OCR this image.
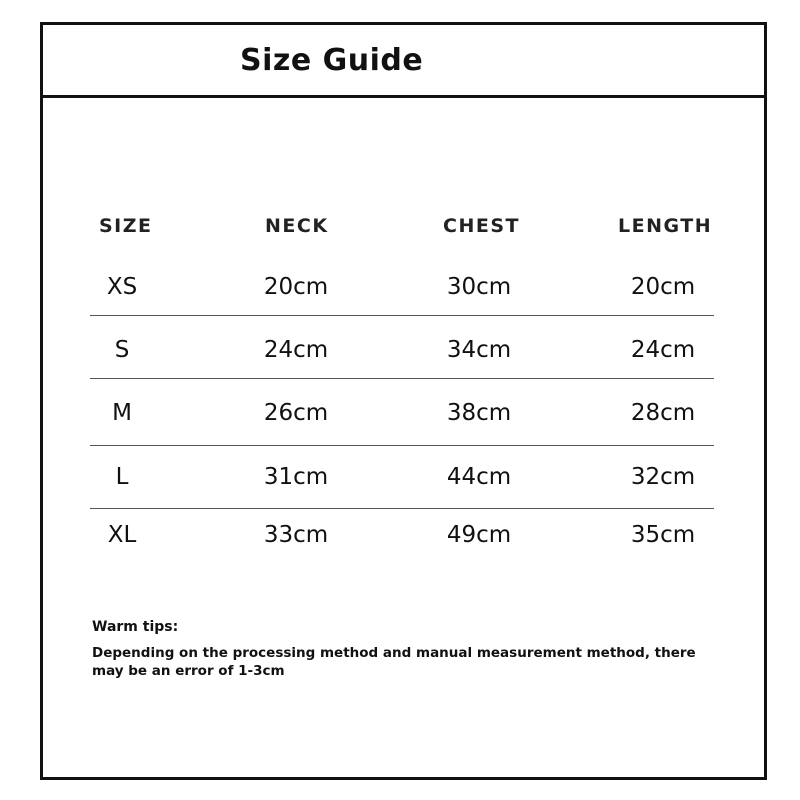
Size Guide
SIZE	NECK	CHEST	LENGTH
XS	20cm	30cm	20cm
S	24cm	34cm	24cm
M	26cm	38cm	28cm
L	31cm	44cm	32cm
XL	33cm	49cm	35cm
Warm tips:
Depending on the processing method and manual measurement method, there may be an error of 1-3cm
